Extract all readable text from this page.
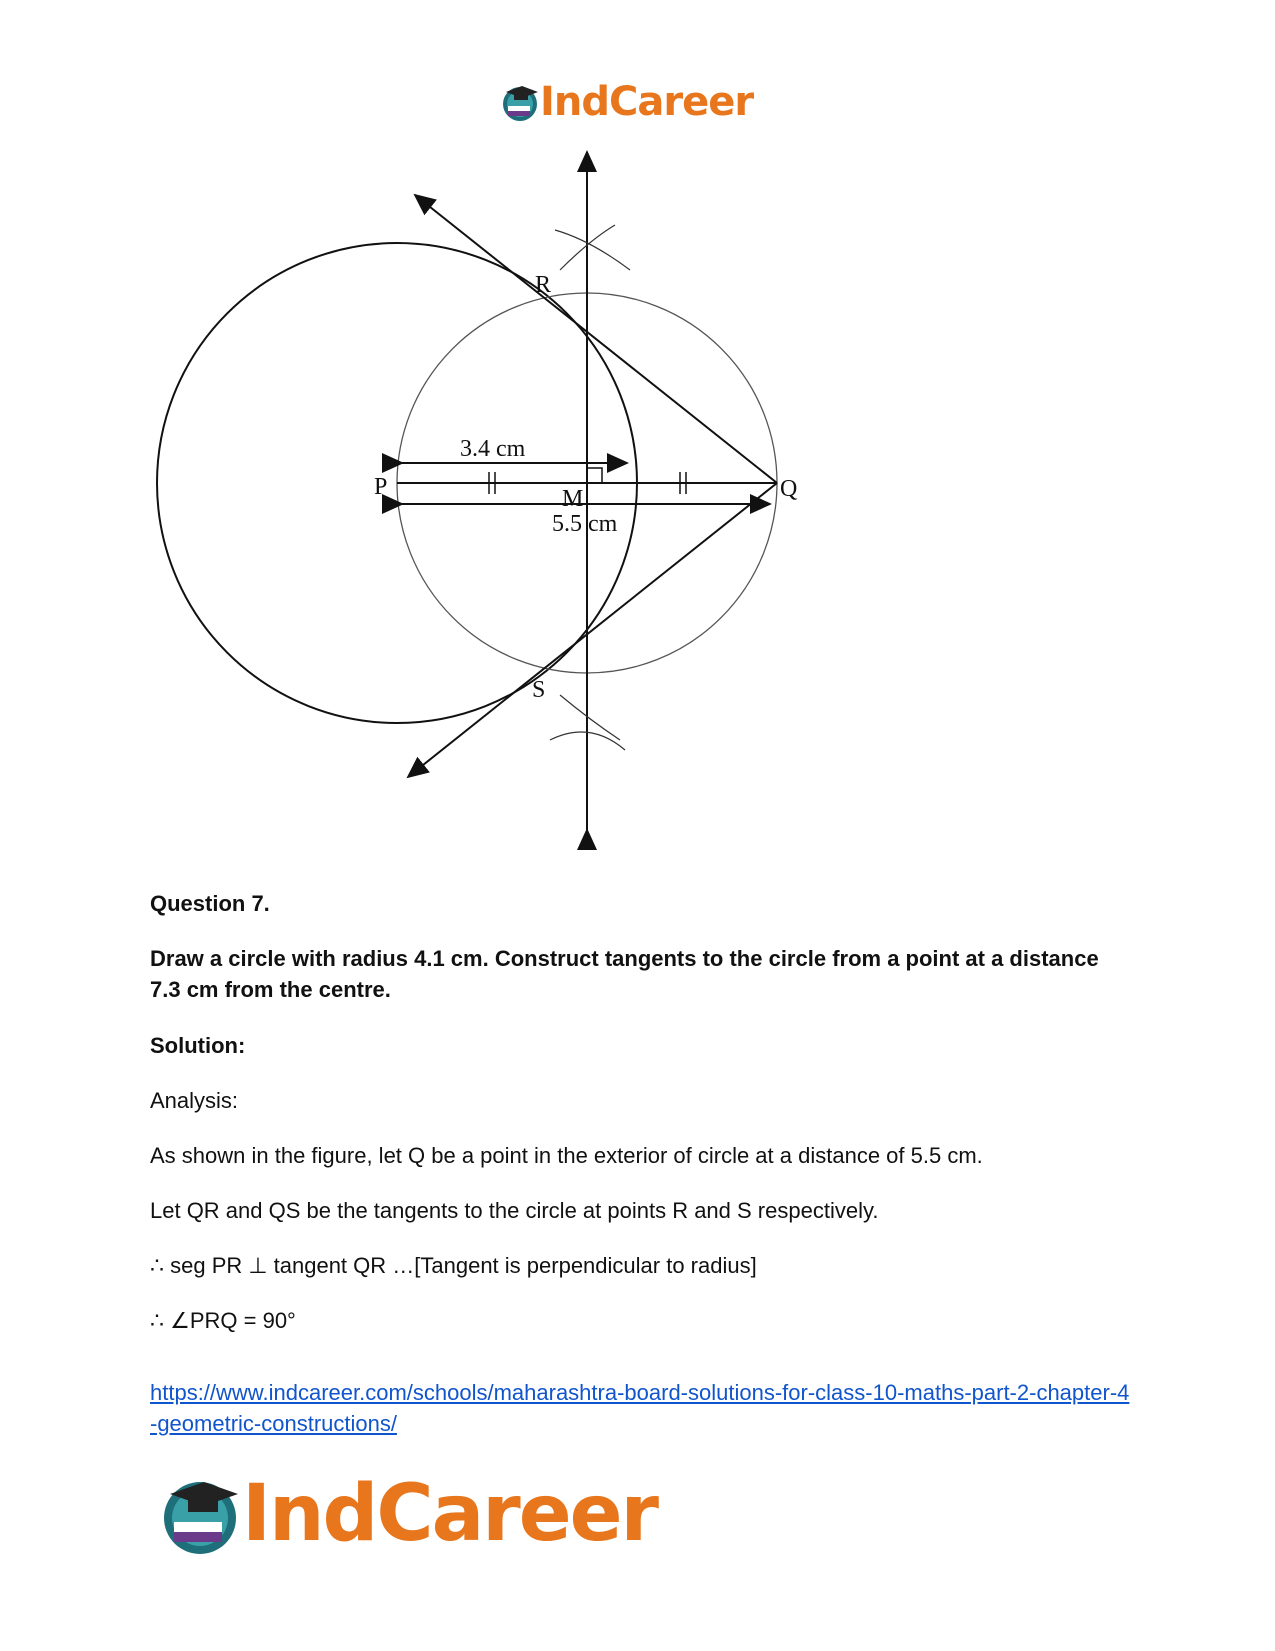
IndCareer
P	Q
M
R
S
3.4 cm
5.5 cm
Question 7.
Draw a circle with radius 4.1 cm. Construct tangents to the circle from a point at a distance 7.3 cm from the centre.
Solution:
Analysis:
As shown in the figure, let Q be a point in the exterior of circle at a distance of 5.5 cm.
Let QR and QS be the tangents to the circle at points R and S respectively.
∴ seg PR ⊥ tangent QR …[Tangent is perpendicular to radius]
∴ ∠PRQ = 90°
https://www.indcareer.com/schools/maharashtra-board-solutions-for-class-10-maths-part-2-chapter-4-geometric-constructions/
IndCareer
